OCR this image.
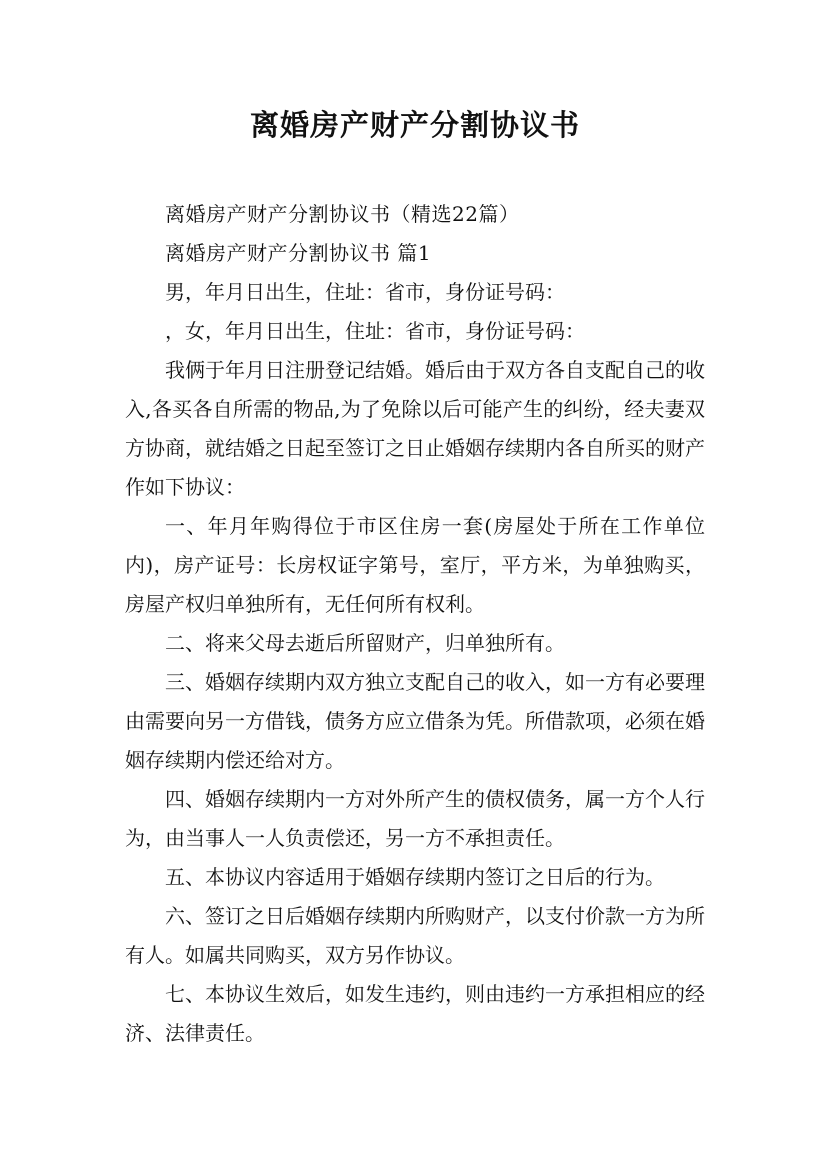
离婚房产财产分割协议书

离婚房产财产分割协议书（精选22篇）

离婚房产财产分割协议书 篇1

男，年月日出生，住址：省市，身份证号码：

，女，年月日出生，住址：省市，身份证号码：

我俩于年月日注册登记结婚。婚后由于双方各自支配自己的收入,各买各自所需的物品,为了免除以后可能产生的纠纷，经夫妻双方协商，就结婚之日起至签订之日止婚姻存续期内各自所买的财产作如下协议：

一、年月年购得位于市区住房一套(房屋处于所在工作单位内)，房产证号：长房权证字第号，室厅，平方米，为单独购买，房屋产权归单独所有，无任何所有权利。

二、将来父母去逝后所留财产，归单独所有。

三、婚姻存续期内双方独立支配自己的收入，如一方有必要理由需要向另一方借钱，债务方应立借条为凭。所借款项，必须在婚姻存续期内偿还给对方。

四、婚姻存续期内一方对外所产生的债权债务，属一方个人行为，由当事人一人负责偿还，另一方不承担责任。

五、本协议内容适用于婚姻存续期内签订之日后的行为。

六、签订之日后婚姻存续期内所购财产，以支付价款一方为所有人。如属共同购买，双方另作协议。

七、本协议生效后，如发生违约，则由违约一方承担相应的经济、法律责任。
